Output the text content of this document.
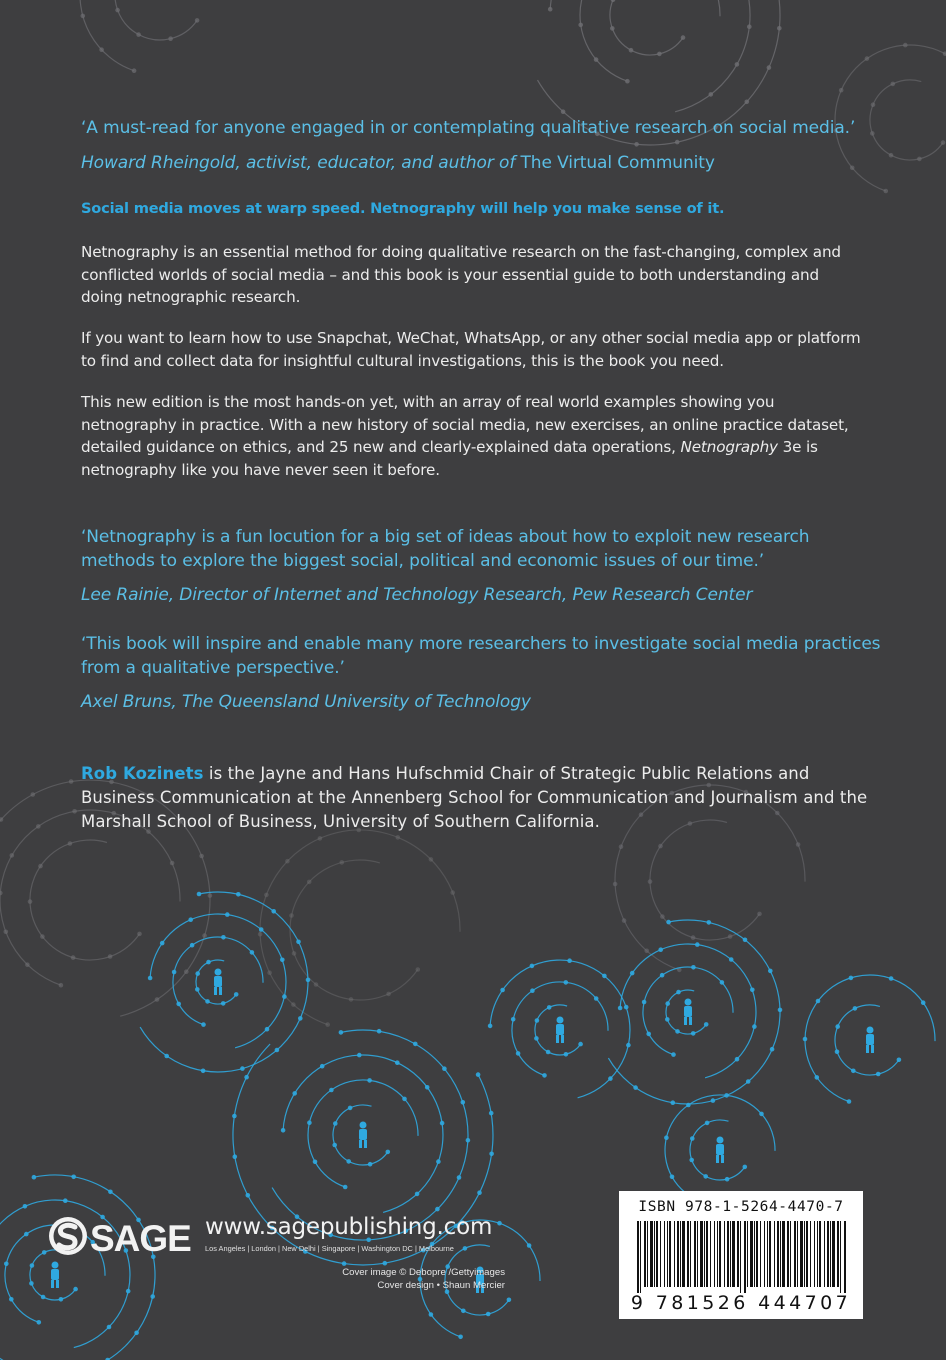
‘A must-read for anyone engaged in or contemplating qualitative research on social media.’
Howard Rheingold, activist, educator, and author of The Virtual Community
Social media moves at warp speed. Netnography will help you make sense of it.
Netnography is an essential method for doing qualitative research on the fast-changing, complex and conflicted worlds of social media – and this book is your essential guide to both understanding and doing netnographic research.
If you want to learn how to use Snapchat, WeChat, WhatsApp, or any other social media app or platform to find and collect data for insightful cultural investigations, this is the book you need.
This new edition is the most hands-on yet, with an array of real world examples showing you netnography in practice. With a new history of social media, new exercises, an online practice dataset, detailed guidance on ethics, and 25 new and clearly-explained data operations, Netnography 3e is netnography like you have never seen it before.
‘Netnography is a fun locution for a big set of ideas about how to exploit new research methods to explore the biggest social, political and economic issues of our time.’
Lee Rainie, Director of Internet and Technology Research, Pew Research Center
‘This book will inspire and enable many more researchers to investigate social media practices from a qualitative perspective.’
Axel Bruns, The Queensland University of Technology
Rob Kozinets is the Jayne and Hans Hufschmid Chair of Strategic Public Relations and Business Communication at the Annenberg School for Communication and Journalism and the Marshall School of Business, University of Southern California.
SAGE www.sagepublishing.com
Los Angeles | London | New Delhi | Singapore | Washington DC | Melbourne
Cover image © Debopre /Gettyimages
Cover design • Shaun Mercier
ISBN 978-1-5264-4470-7
9 781526 444707
